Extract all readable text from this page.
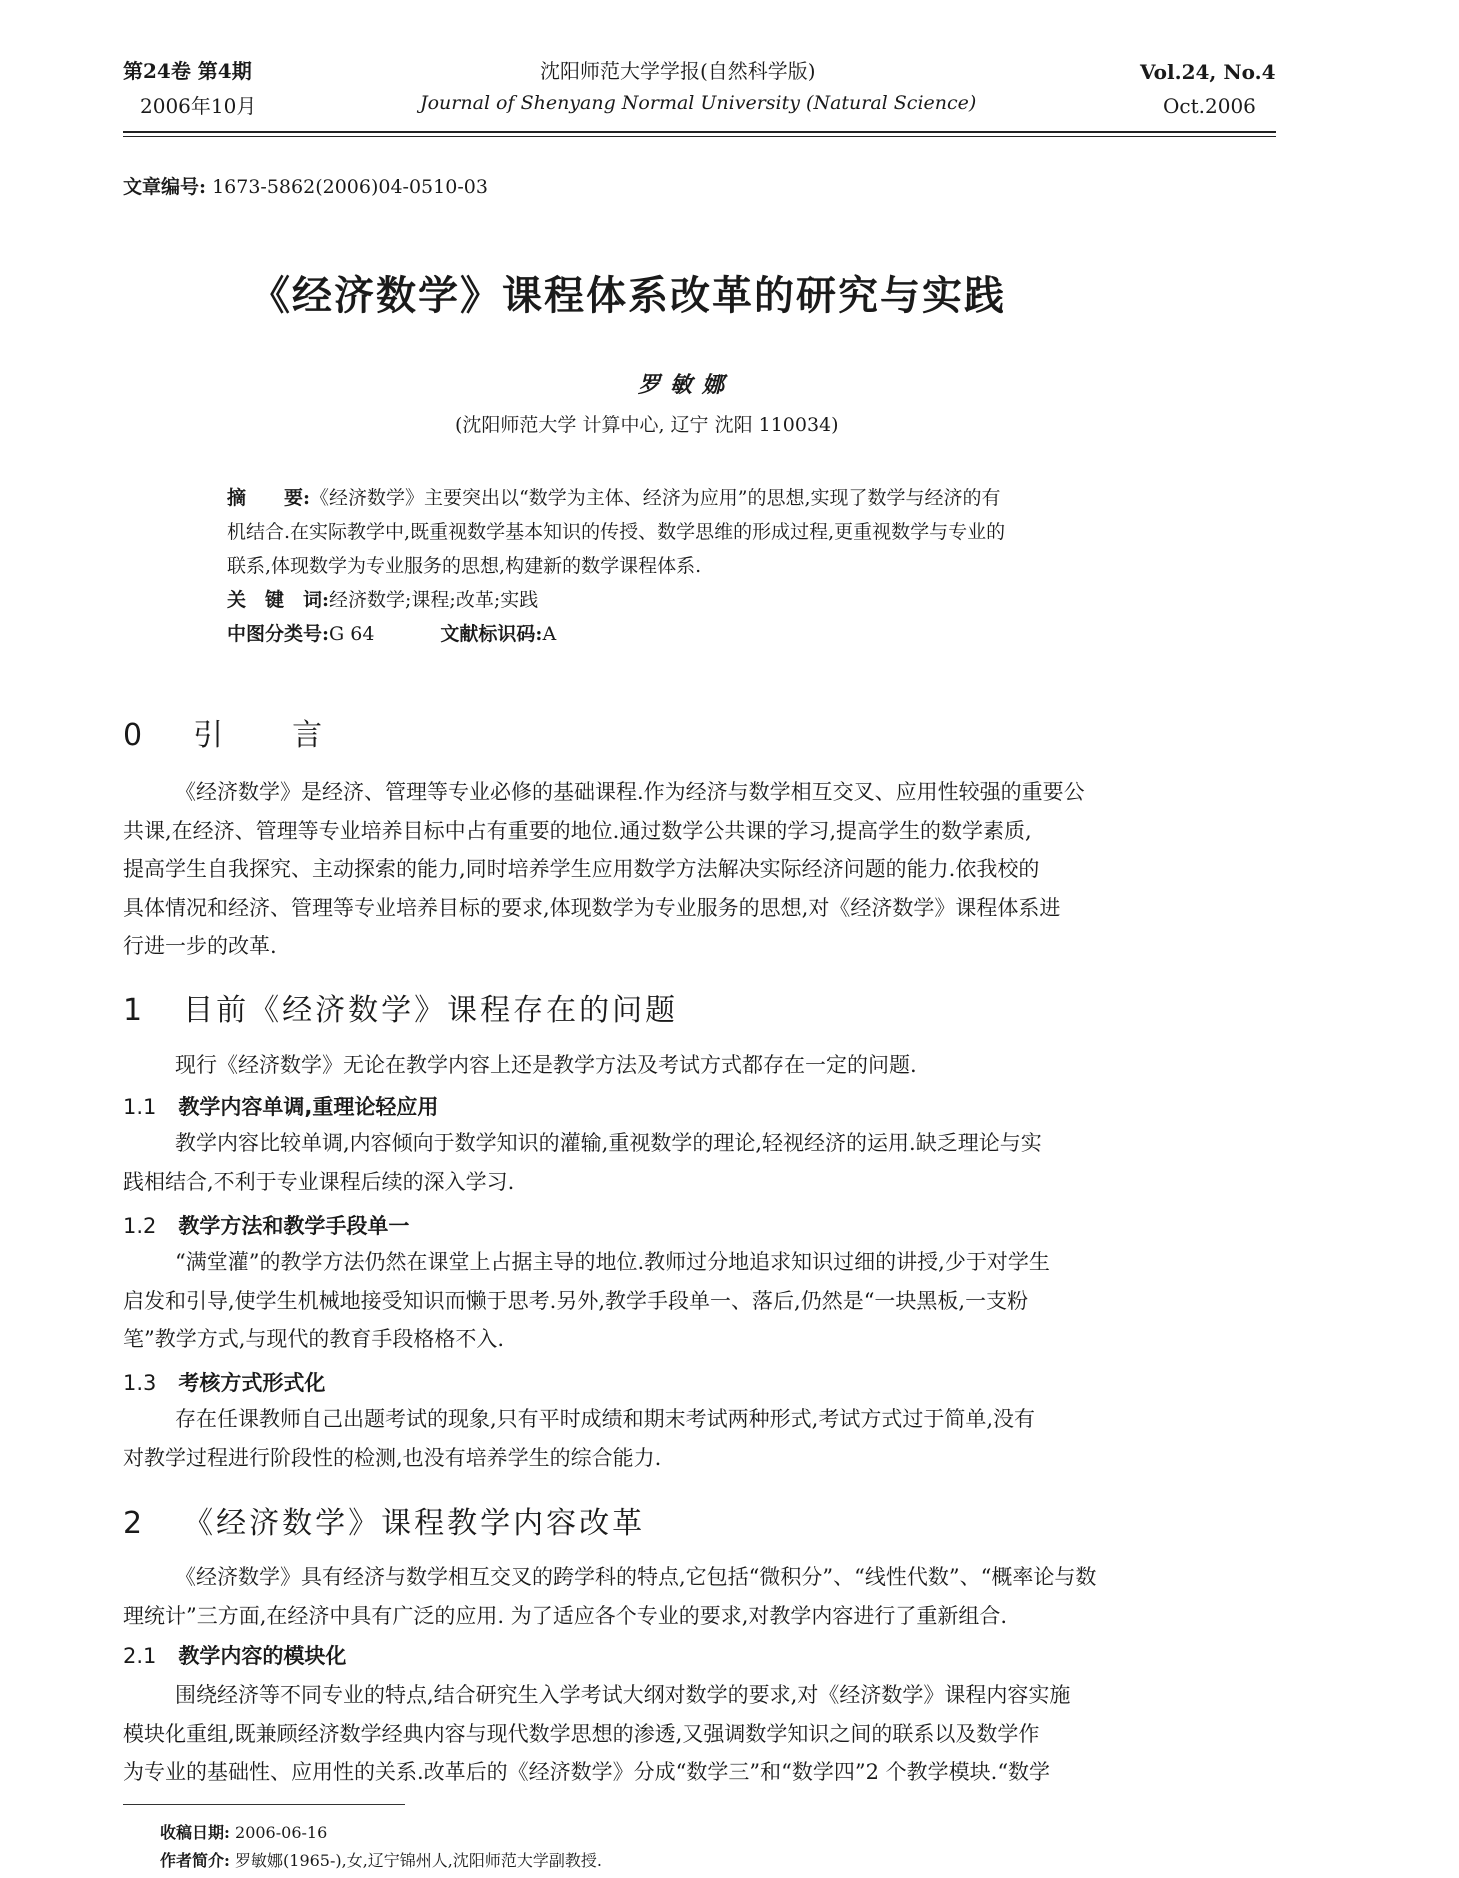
第24卷 第4期
2006年10月
沈阳师范大学学报(自然科学版)
Journal of Shenyang Normal University (Natural Science)
Vol.24, No.4
Oct.2006
文章编号: 1673-5862(2006)04-0510-03
《经济数学》课程体系改革的研究与实践
罗敏娜
(沈阳师范大学 计算中心, 辽宁 沈阳 110034)
摘　　要:《经济数学》主要突出以“数学为主体、经济为应用”的思想,实现了数学与经济的有
机结合.在实际教学中,既重视数学基本知识的传授、数学思维的形成过程,更重视数学与专业的
联系,体现数学为专业服务的思想,构建新的数学课程体系.
关　键　词:经济数学;课程;改革;实践
中图分类号:G 64	文献标识码:A
0 引　　言
《经济数学》是经济、管理等专业必修的基础课程.作为经济与数学相互交叉、应用性较强的重要公
共课,在经济、管理等专业培养目标中占有重要的地位.通过数学公共课的学习,提高学生的数学素质,
提高学生自我探究、主动探索的能力,同时培养学生应用数学方法解决实际经济问题的能力.依我校的
具体情况和经济、管理等专业培养目标的要求,体现数学为专业服务的思想,对《经济数学》课程体系进
行进一步的改革.
1 目前《经济数学》课程存在的问题
现行《经济数学》无论在教学内容上还是教学方法及考试方式都存在一定的问题.
1.1 教学内容单调,重理论轻应用
教学内容比较单调,内容倾向于数学知识的灌输,重视数学的理论,轻视经济的运用.缺乏理论与实
践相结合,不利于专业课程后续的深入学习.
1.2 教学方法和教学手段单一
“满堂灌”的教学方法仍然在课堂上占据主导的地位.教师过分地追求知识过细的讲授,少于对学生
启发和引导,使学生机械地接受知识而懒于思考.另外,教学手段单一、落后,仍然是“一块黑板,一支粉
笔”教学方式,与现代的教育手段格格不入.
1.3 考核方式形式化
存在任课教师自己出题考试的现象,只有平时成绩和期末考试两种形式,考试方式过于简单,没有
对教学过程进行阶段性的检测,也没有培养学生的综合能力.
2 《经济数学》课程教学内容改革
《经济数学》具有经济与数学相互交叉的跨学科的特点,它包括“微积分”、“线性代数”、“概率论与数
理统计”三方面,在经济中具有广泛的应用. 为了适应各个专业的要求,对教学内容进行了重新组合.
2.1 教学内容的模块化
围绕经济等不同专业的特点,结合研究生入学考试大纲对数学的要求,对《经济数学》课程内容实施
模块化重组,既兼顾经济数学经典内容与现代数学思想的渗透,又强调数学知识之间的联系以及数学作
为专业的基础性、应用性的关系.改革后的《经济数学》分成“数学三”和“数学四”2 个教学模块.“数学
收稿日期: 2006-06-16
作者简介: 罗敏娜(1965-),女,辽宁锦州人,沈阳师范大学副教授.
